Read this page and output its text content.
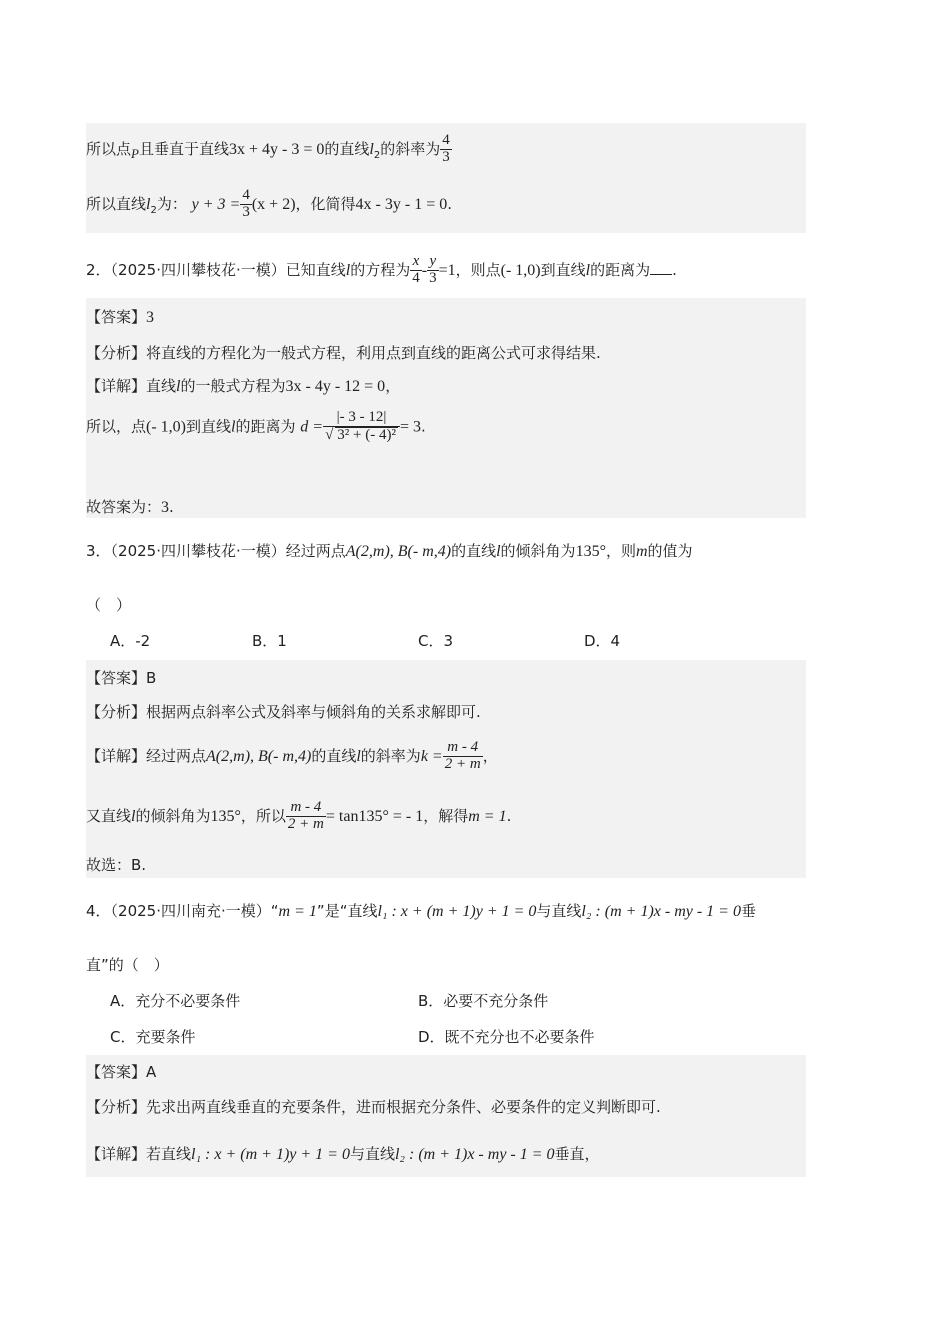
所以点P且垂直于直线3x + 4y - 3 = 0的直线$l_2$的斜率为 $\frac{4}{3}$
所以直线$l_2$为： $y + 3 = \frac{4}{3} (x + 2)$，化简得4x - 3y - 1 = 0.
2．（2025·四川攀枝花·一模）已知直线l的方程为 $\frac{x}{4} - \frac{y}{3} =1$，则点(- 1,0)到直线l的距离为 .
【答案】3
【分析】将直线的方程化为一般式方程，利用点到直线的距离公式可求得结果.
【详解】直线l的一般式方程为3x - 4y - 12 = 0，
所以，点(- 1,0)到直线l的距离为 $d = \frac{|- 3 - 12|}{\text{√ 3² + (- 4)²}} = 3$.
故答案为：3.
3．（2025·四川攀枝花·一模）经过两点A(2,m), B(- m,4)的直线l的倾斜角为135°，则m的值为
（　）
A．-2	B．1	C．3	D．4
【答案】B
【分析】根据两点斜率公式及斜率与倾斜角的关系求解即可.
【详解】经过两点A(2,m), B(- m,4)的直线l的斜率为$k = \frac{m - 4}{2 + m}$ ，
又直线l的倾斜角为135°，所以 $\frac{m - 4}{2 + m} = \tan 135^\circ$ = - 1，解得m = 1.
故选：B.
4．（2025·四川南充·一模）“m = 1”是“直线l₁ : x + (m + 1)y + 1 = 0与直线l₂ : (m + 1)x - my - 1 = 0垂
直”的（　）
A．充分不必要条件	B．必要不充分条件
C．充要条件	D．既不充分也不必要条件
【答案】A
【分析】先求出两直线垂直的充要条件，进而根据充分条件、必要条件的定义判断即可.
【详解】若直线l₁ : x + (m + 1)y + 1 = 0与直线l₂ : (m + 1)x - my - 1 = 0垂直，
